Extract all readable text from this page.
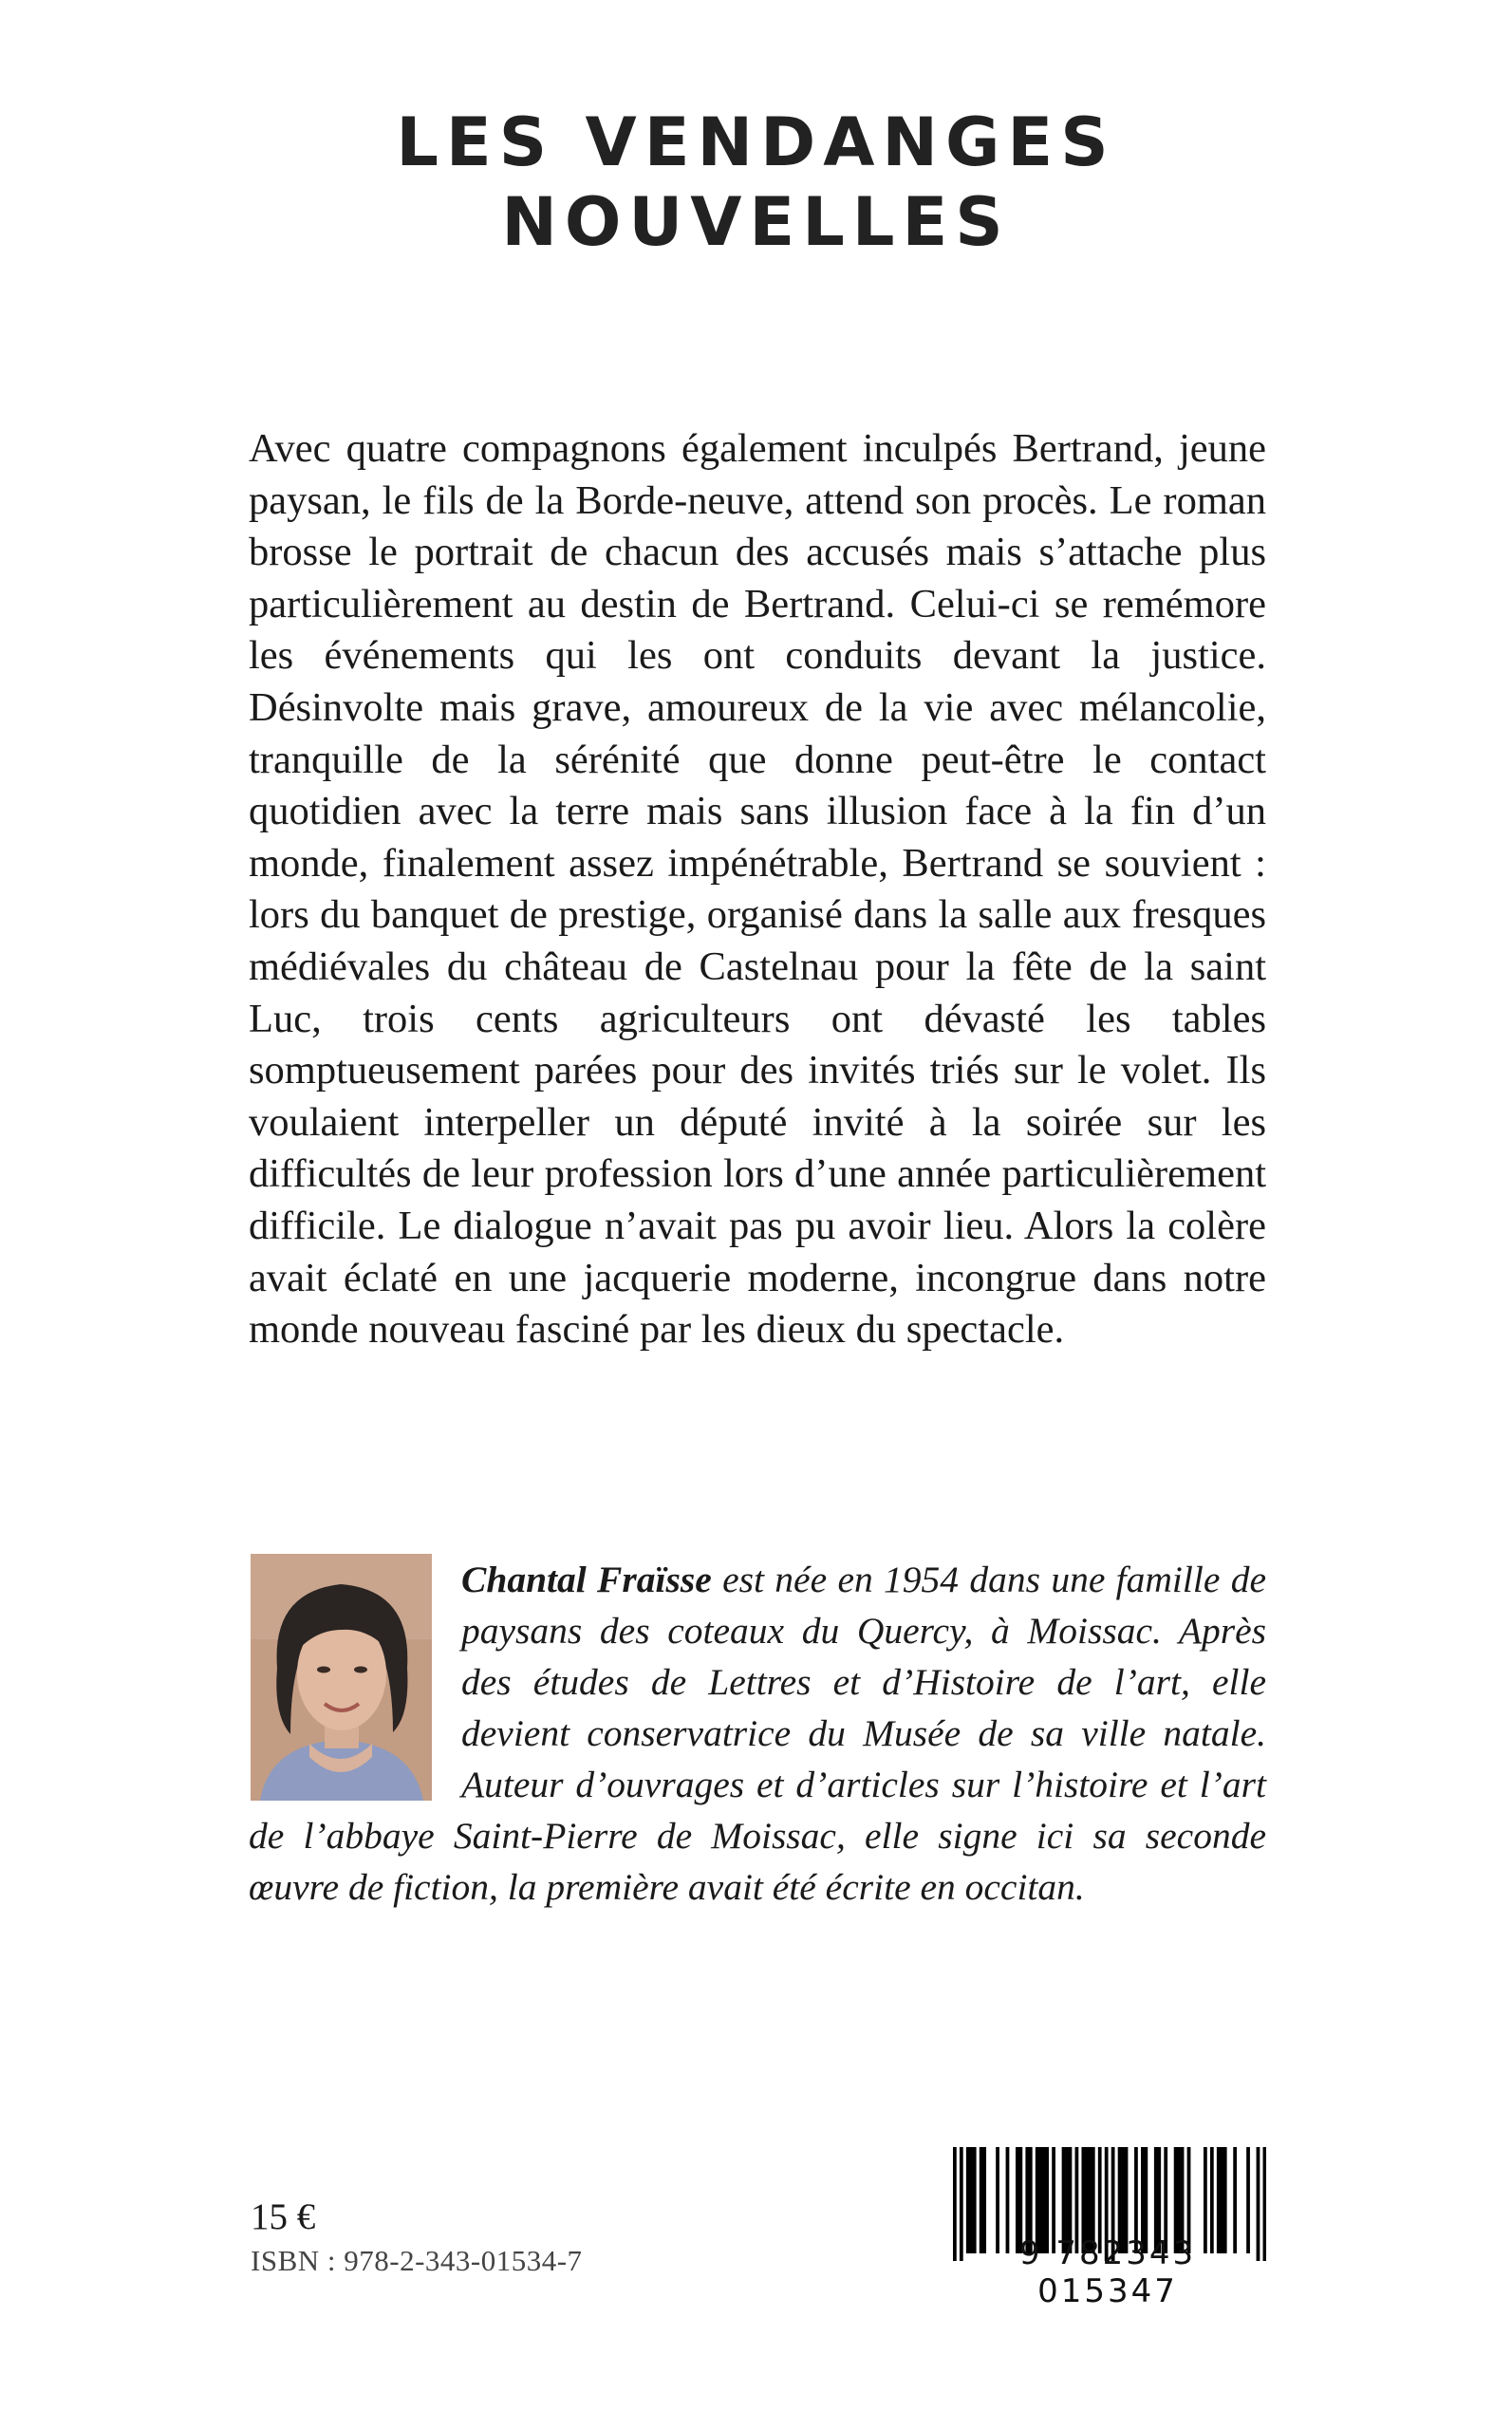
LES VENDANGES
NOUVELLES
Avec quatre compagnons également inculpés Bertrand, jeune paysan, le fils de la Borde-neuve, attend son procès. Le roman brosse le portrait de chacun des accusés mais s’attache plus particulièrement au destin de Bertrand. Celui-ci se remémore les événements qui les ont conduits devant la justice. Désinvolte mais grave, amoureux de la vie avec mélancolie, tranquille de la sérénité que donne peut-être le contact quotidien avec la terre mais sans illusion face à la fin d’un monde, finalement assez impénétrable, Bertrand se souvient : lors du banquet de prestige, organisé dans la salle aux fresques médiévales du château de Castelnau pour la fête de la saint Luc, trois cents agriculteurs ont dévasté les tables somptueusement parées pour des invités triés sur le volet. Ils voulaient interpeller un député invité à la soirée sur les difficultés de leur profession lors d’une année particulièrement difficile. Le dialogue n’avait pas pu avoir lieu. Alors la colère avait éclaté en une jacquerie moderne, incongrue dans notre monde nouveau fasciné par les dieux du spectacle.
Chantal Fraïsse est née en 1954 dans une famille de paysans des coteaux du Quercy, à Moissac. Après des études de Lettres et d’Histoire de l’art, elle devient conservatrice du Musée de sa ville natale. Auteur d’ouvrages et d’articles sur l’histoire et l’art de l’abbaye Saint-Pierre de Moissac, elle signe ici sa seconde œuvre de fiction, la première avait été écrite en occitan.
15 €
ISBN : 978-2-343-01534-7	9 782343 015347
